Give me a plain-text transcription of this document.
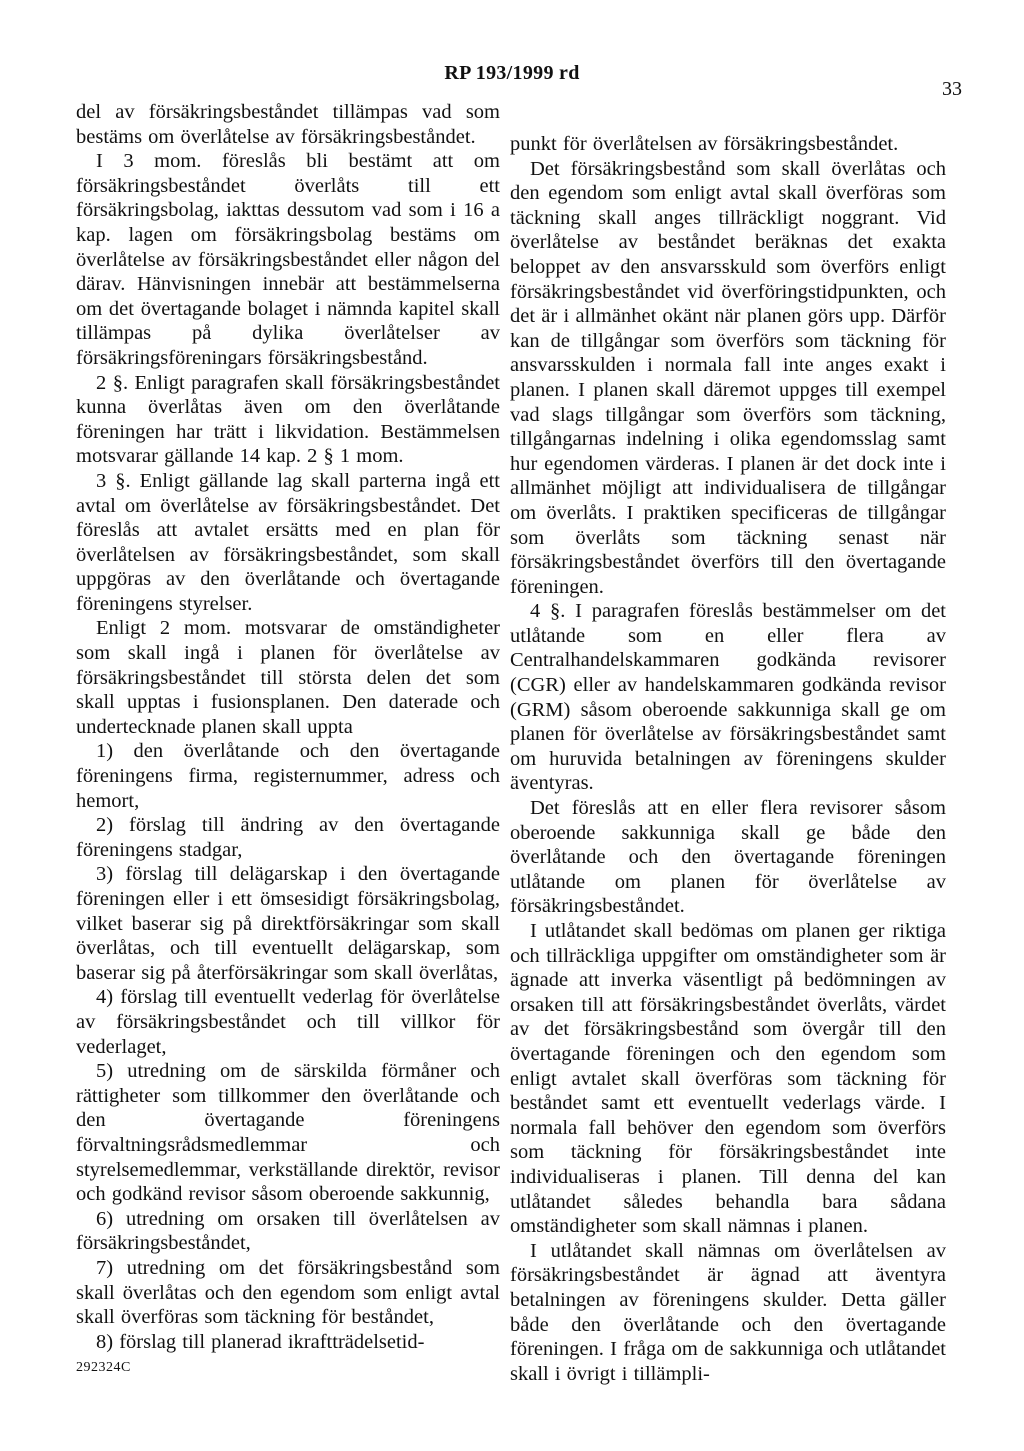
RP 193/1999 rd
33

del av försäkringsbeståndet tillämpas vad som bestäms om överlåtelse av försäkringsbeståndet.

I 3 mom. föreslås bli bestämt att om försäkringsbeståndet överlåts till ett försäkringsbolag, iakttas dessutom vad som i 16 a kap. lagen om försäkringsbolag bestäms om överlåtelse av försäkringsbeståndet eller någon del därav. Hänvisningen innebär att bestämmelserna om det övertagande bolaget i nämnda kapitel skall tillämpas på dylika överlåtelser av försäkringsföreningars försäkringsbestånd.

2 §. Enligt paragrafen skall försäkringsbeståndet kunna överlåtas även om den överlåtande föreningen har trätt i likvidation. Bestämmelsen motsvarar gällande 14 kap. 2 § 1 mom.

3 §. Enligt gällande lag skall parterna ingå ett avtal om överlåtelse av försäkringsbeståndet. Det föreslås att avtalet ersätts med en plan för överlåtelsen av försäkringsbeståndet, som skall uppgöras av den överlåtande och övertagande föreningens styrelser.

Enligt 2 mom. motsvarar de omständigheter som skall ingå i planen för överlåtelse av försäkringsbeståndet till största delen det som skall upptas i fusionsplanen. Den daterade och undertecknade planen skall uppta

1) den överlåtande och den övertagande föreningens firma, registernummer, adress och hemort,

2) förslag till ändring av den övertagande föreningens stadgar,

3) förslag till delägarskap i den övertagande föreningen eller i ett ömsesidigt försäkringsbolag, vilket baserar sig på direktförsäkringar som skall överlåtas, och till eventuellt delägarskap, som baserar sig på återförsäkringar som skall överlåtas,

4) förslag till eventuellt vederlag för överlåtelse av försäkringsbeståndet och till villkor för vederlaget,

5) utredning om de särskilda förmåner och rättigheter som tillkommer den överlåtande och den övertagande föreningens förvaltningsrådsmedlemmar och styrelsemedlemmar, verkställande direktör, revisor och godkänd revisor såsom oberoende sakkunnig,

6) utredning om orsaken till överlåtelsen av försäkringsbeståndet,

7) utredning om det försäkringsbestånd som skall överlåtas och den egendom som enligt avtal skall överföras som täckning för beståndet,

8) förslag till planerad ikraftträdelsetid-

punkt för överlåtelsen av försäkringsbeståndet.

Det försäkringsbestånd som skall överlåtas och den egendom som enligt avtal skall överföras som täckning skall anges tillräckligt noggrant. Vid överlåtelse av beståndet beräknas det exakta beloppet av den ansvarsskuld som överförs enligt försäkringsbeståndet vid överföringstidpunkten, och det är i allmänhet okänt när planen görs upp. Därför kan de tillgångar som överförs som täckning för ansvarsskulden i normala fall inte anges exakt i planen. I planen skall däremot uppges till exempel vad slags tillgångar som överförs som täckning, tillgångarnas indelning i olika egendomsslag samt hur egendomen värderas. I planen är det dock inte i allmänhet möjligt att individualisera de tillgångar om överlåts. I praktiken specificeras de tillgångar som överlåts som täckning senast när försäkringsbeståndet överförs till den övertagande föreningen.

4 §. I paragrafen föreslås bestämmelser om det utlåtande som en eller flera av Centralhandelskammaren godkända revisorer (CGR) eller av handelskammaren godkända revisor (GRM) såsom oberoende sakkunniga skall ge om planen för överlåtelse av försäkringsbeståndet samt om huruvida betalningen av föreningens skulder äventyras.

Det föreslås att en eller flera revisorer såsom oberoende sakkunniga skall ge både den överlåtande och den övertagande föreningen utlåtande om planen för överlåtelse av försäkringsbeståndet.

I utlåtandet skall bedömas om planen ger riktiga och tillräckliga uppgifter om omständigheter som är ägnade att inverka väsentligt på bedömningen av orsaken till att försäkringsbeståndet överlåts, värdet av det försäkringsbestånd som övergår till den övertagande föreningen och den egendom som enligt avtalet skall överföras som täckning för beståndet samt ett eventuellt vederlags värde. I normala fall behöver den egendom som överförs som täckning för försäkringsbeståndet inte individualiseras i planen. Till denna del kan utlåtandet således behandla bara sådana omständigheter som skall nämnas i planen.

I utlåtandet skall nämnas om överlåtelsen av försäkringsbeståndet är ägnad att äventyra betalningen av föreningens skulder. Detta gäller både den överlåtande och den övertagande föreningen. I fråga om de sakkunniga och utlåtandet skall i övrigt i tillämpli-

292324C
